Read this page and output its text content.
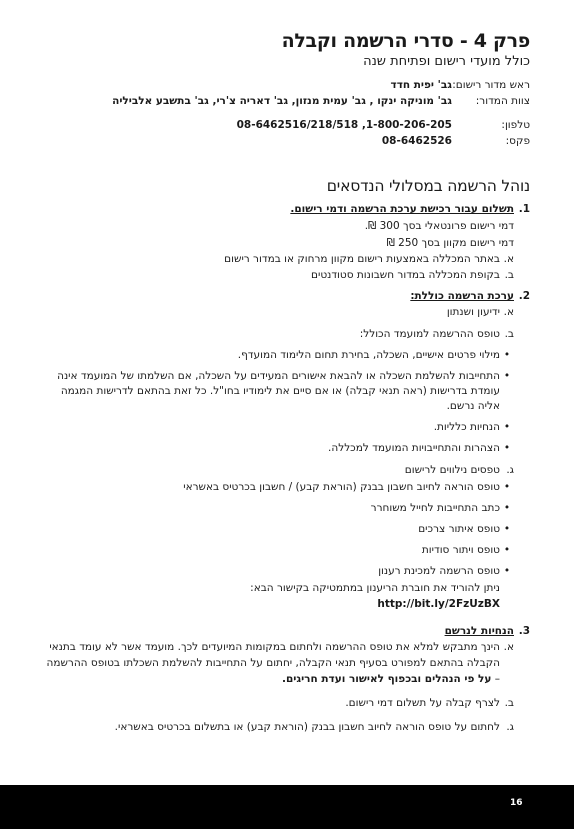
פרק 4 - סדרי הרשמה וקבלה
כולל מועדי רישום ופתיחת שנה
ראש מדור רישום:
גב' יפית חדד
צוות המדור:
גב' מוניקה ינקו , גב' עמית מנזון, גב' דאריה צ'רי, גב' בתשבע אלביליה
טלפון:
08-6462516/218/518 ,1-800-206-205
פקס:
08-6462526
נוהל הרשמה במסלולי הנדסאים
1.
תשלום עבור רכישת ערכת הרשמה ודמי רישום.
דמי רישום פרונטאלי בסך 300 ₪.
דמי רישום מקוון בסך 250 ₪
א.
באתר המכללה באמצעות רישום מקוון מרחוק או במדור רישום
ב.
בקופת המכללה במדור חשבונות סטודנטים
2.
ערכת הרשמה כוללת:
א.
ידיעון ושנתון
ב.
טופס ההרשמה למועמד הכולל:
•
מילוי פרטים אישיים, השכלה, בחירת תחום הלימוד המועדף.
•
התחייבות להשלמת השכלה או להבאת אישורים המעידים על השכלה, אם השלמתו של המועמד אינה עומדת בדרישות (ראה תנאי קבלה) או אם סיים את לימודיו בחו"ל. כל זאת בהתאם לדרישות המגמה אליה נרשם.
•
הנחיות כלליות.
•
הצהרות והתחייבויות המועמד למכללה.
ג.
טפסים נילווים לרישום
•
טופס הוראה לחיוב חשבון בבנק (הוראת קבע) / חשבון בכרטיס באשראי
•
כתב התחייבות לחייל משוחרר
•
טופס איתור צרכים
•
טופס ויתור סודיות
•
טופס הרשמה למכינת רענון
ניתן להוריד את חוברת הריענון במתמטיקה בקישור הבא:
http://bit.ly/2FzUzBX
3.
הנחיות לנרשם
א.
הינך מתבקש למלא את טופס ההרשמה ולחתום במקומות המיועדים לכך. מועמד אשר לא עומד בתנאי הקבלה בהתאם למפורט בסעיף תנאי הקבלה, יחתום על התחייבות להשלמת השכלתו בטופס ההרשמה – על פי הנהלים ובכפוף לאישור ועדת חריגים.
ב.
לצרף קבלה על תשלום דמי רישום.
ג.
לחתום על טופס הוראה לחיוב חשבון בבנק (הוראת קבע) או בתשלום בכרטיס באשראי.
16
